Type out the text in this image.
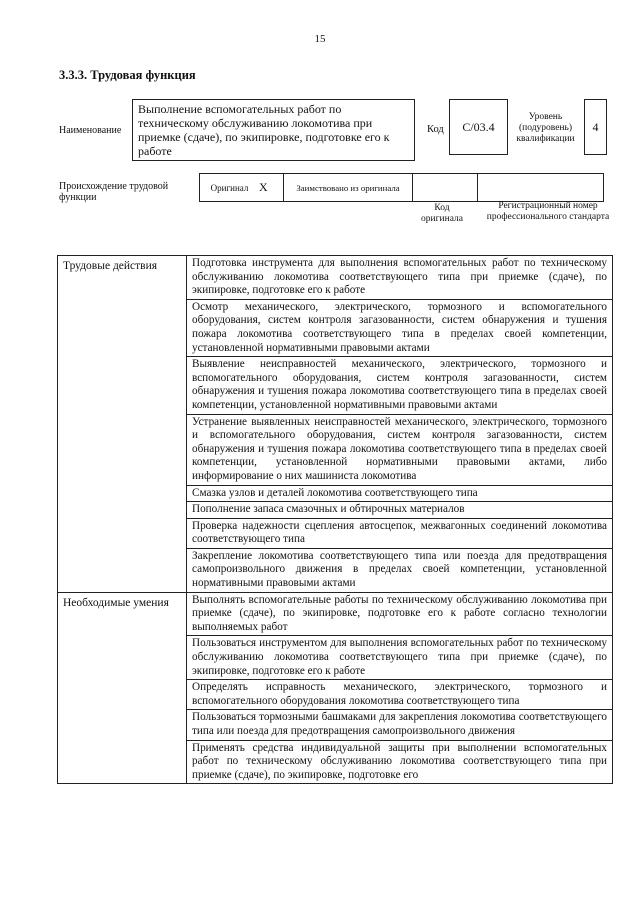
15
3.3.3. Трудовая функция
Наименование
Выполнение вспомогательных работ по техническому обслуживанию локомотива при приемке (сдаче), по экипировке, подготовке его к работе
Код C/03.4
Уровень (подуровень) квалификации
4
Происхождение трудовой функции
Оригинал	X	Заимствовано из оригинала		
Код оригинала
Регистрационный номер профессионального стандарта
Трудовые действия	Подготовка инструмента для выполнения вспомогательных работ по техническому обслуживанию локомотива соответствующего типа при приемке (сдаче), по экипировке, подготовке его к работе
	Осмотр механического, электрического, тормозного и вспомогательного оборудования, систем контроля загазованности, систем обнаружения и тушения пожара локомотива соответствующего типа в пределах своей компетенции, установленной нормативными правовыми актами
	Выявление неисправностей механического, электрического, тормозного и вспомогательного оборудования, систем контроля загазованности, систем обнаружения и тушения пожара локомотива соответствующего типа в пределах своей компетенции, установленной нормативными правовыми актами
	Устранение выявленных неисправностей механического, электрического, тормозного и вспомогательного оборудования, систем контроля загазованности, систем обнаружения и тушения пожара локомотива соответствующего типа в пределах своей компетенции, установленной нормативными правовыми актами, либо информирование о них машиниста локомотива
	Смазка узлов и деталей локомотива соответствующего типа
	Пополнение запаса смазочных и обтирочных материалов
	Проверка надежности сцепления автосцепок, межвагонных соединений локомотива соответствующего типа
	Закрепление локомотива соответствующего типа или поезда для предотвращения самопроизвольного движения в пределах своей компетенции, установленной нормативными правовыми актами
Необходимые умения	Выполнять вспомогательные работы по техническому обслуживанию локомотива при приемке (сдаче), по экипировке, подготовке его к работе согласно технологии выполняемых работ
	Пользоваться инструментом для выполнения вспомогательных работ по техническому обслуживанию локомотива соответствующего типа при приемке (сдаче), по экипировке, подготовке его к работе
	Определять исправность механического, электрического, тормозного и вспомогательного оборудования локомотива соответствующего типа
	Пользоваться тормозными башмаками для закрепления локомотива соответствующего типа или поезда для предотвращения самопроизвольного движения
	Применять средства индивидуальной защиты при выполнении вспомогательных работ по техническому обслуживанию локомотива соответствующего типа при приемке (сдаче), по экипировке, подготовке его
